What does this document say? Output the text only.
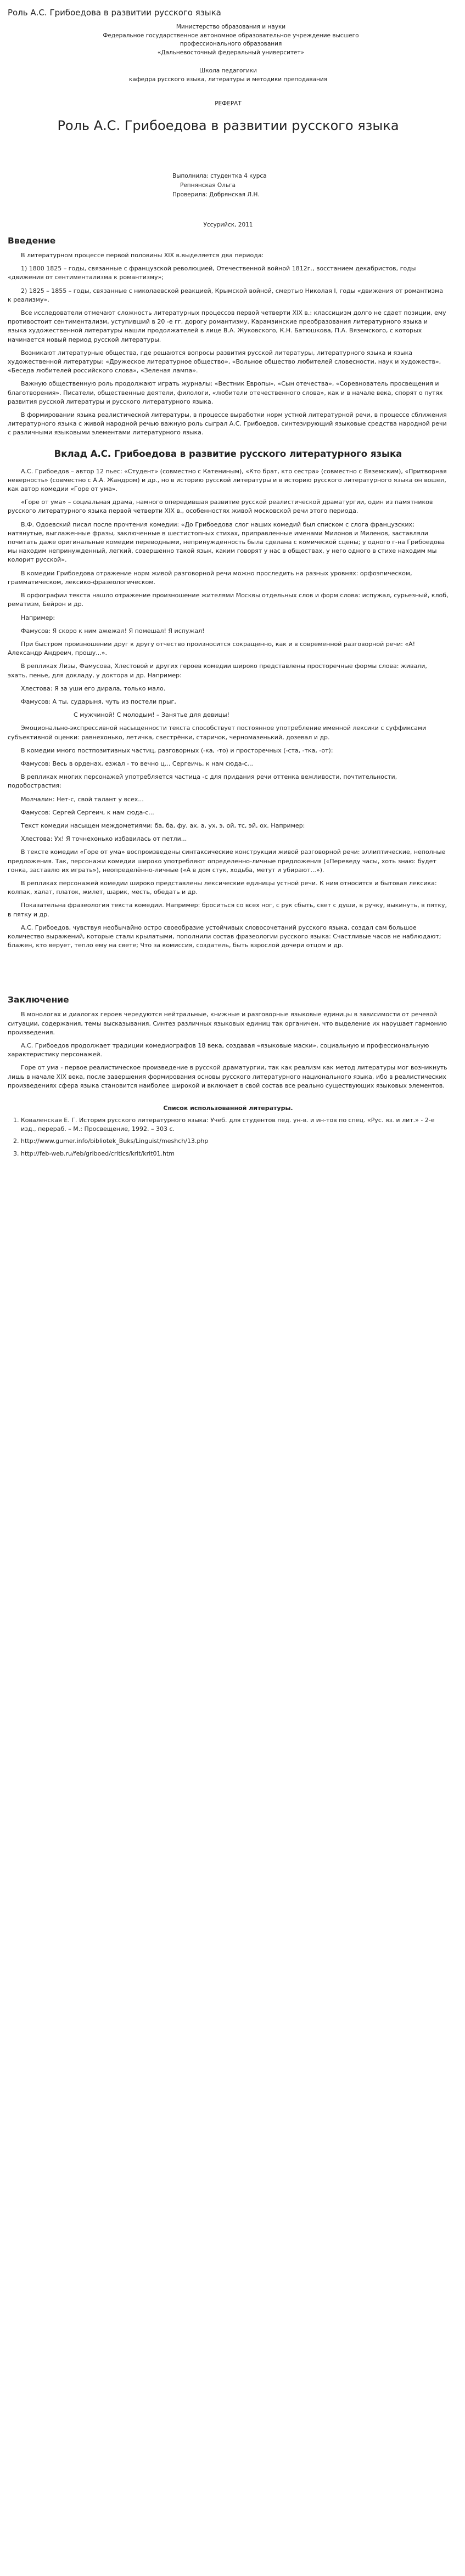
Роль А.С. Грибоедова в развитии русского языка
Министерство образования и науки
Федеральное государственное автономное образовательное учреждение высшего
профессионального образования
«Дальневосточный федеральный университет»
Школа педагогики
кафедра русского языка, литературы и методики преподавания
РЕФЕРАТ
Роль А.С. Грибоедова в развитии русского языка
Выполнила: студентка 4 курса
Репнянская Ольга
Проверила: Добрянская Л.Н.
Уссурийск, 2011
Введение

В литературном процессе первой половины XIX в.выделяется два периода:

1) 1800 1825 – годы, связанные с французской революцией, Отечественной войной 1812г., восстанием декабристов, годы «движения от сентиментализма к романтизму»;

2) 1825 – 1855 – годы, связанные с николаевской реакцией, Крымской войной, смертью Николая I, годы «движения от романтизма к реализму».

Все исследователи отмечают сложность литературных процессов первой четверти XIX в.: классицизм долго не сдает позиции, ему противостоит сентиментализм, уступивший в 20 -е гг. дорогу романтизму. Карамзинские преобразования литературного языка и языка художественной литературы нашли продолжателей в лице В.А. Жуковского, К.Н. Батюшкова, П.А. Вяземского, с которых начинается новый период русской литературы.

Возникают литературные общества, где решаются вопросы развития русской литературы, литературного языка и языка художественной литературы: «Дружеское литературное общество», «Вольное общество любителей словесности, наук и художеств», «Беседа любителей российского слова», «Зеленая лампа».

Важную общественную роль продолжают играть журналы: «Вестник Европы», «Сын отечества», «Соревнователь просвещения и благотворения». Писатели, общественные деятели, филологи, «любители отечественного слова», как и в начале века, спорят о путях развития русской литературы и русского литературного языка.

В формировании языка реалистической литературы, в процессе выработки норм устной литературной речи, в процессе сближения литературного языка с живой народной речью важную роль сыграл А.С. Грибоедов, синтезирующий языковые средства народной речи с различными языковыми элементами литературного языка.

Вклад А.С. Грибоедова в развитие русского литературного языка

А.С. Грибоедов – автор 12 пьес: «Студент» (совместно с Катениным), «Кто брат, кто сестра» (совместно с Вяземским), «Притворная неверность» (совместно с А.А. Жандром) и др., но в историю русской литературы и в историю русского литературного языка он вошел, как автор комедии «Горе от ума».

«Горе от ума» – социальная драма, намного опередившая развитие русской реалистической драматургии, один из памятников русского литературного языка первой четверти XIX в., особенностях живой московской речи этого периода.

В.Ф. Одоевский писал после прочтения комедии: «До Грибоедова слог наших комедий был списком с слога французских; натянутые, выглаженные фразы, заключенные в шестистопных стихах, приправленные именами Милонов и Миленов, заставляли почитать даже оригинальные комедии переводными, непринужденность была сделана с комической сцены; у одного г-на Грибоедова мы находим непринужденный, легкий, совершенно такой язык, каким говорят у нас в обществах, у него одного в стихе находим мы колорит русской».

В комедии Грибоедова отражение норм живой разговорной речи можно проследить на разных уровнях: орфоэпическом, грамматическом, лексико-фразеологическом.

В орфографии текста нашло отражение произношение жителями Москвы отдельных слов и форм слова: испужал, сурьезный, клоб, рематизм, Бейрон и др.

Например:

Фамусов: Я скоро к ним ажежал! Я помешал! Я испужал!

При быстром произношении друг к другу отчество произносится сокращенно, как и в современной разговорной речи: «А! Александр Андреич, прошу...».

В репликах Лизы, Фамусова, Хлестовой и других героев комедии широко представлены просторечные формы слова: живали, эхать, пенье, для докладу, у доктора и др. Например:

Хлестова: Я за уши его дирала, только мало.

Фамусов: А ты, сударыня, чуть из постели прыг,

С мужчиной! С молодым! – Занятье для девицы!

Эмоционально-экспрессивной насыщенности текста способствует постоянное употребление именной лексики с суффиксами субъективной оценки: равнехонько, летичка, свестрёнки, старичок, черномазенький, дозевал и др.

В комедии много постпозитивных частиц, разговорных (-ка, -то) и просторечных (-ста, -тка, -от):

Фамусов: Весь в орденах, езжал - то вечно ц... Сергеичь, к нам сюда-с...

В репликах многих персонажей употребляется частица -с для придания речи оттенка вежливости, почтительности, подобострастия:

Молчалин: Нет-с, свой талант у всех...

Фамусов: Сергей Сергеич, к нам сюда-с...

Текст комедии насыщен междометиями: ба, ба, фу, ах, а, ух, э, ой, тс, эй, ох. Например:

Хлестова: Ух! Я точнехонько избавилась от петли...

В тексте комедии «Горе от ума» воспроизведены синтаксические конструкции живой разговорной речи: эллиптические, неполные предложения. Так, персонажи комедии широко употребляют определенно-личные предложения («Переведу часы, хоть знаю: будет гонка, заставлю их играть»), неопределённо-личные («А в дом стук, ходьба, метут и убирают...»).

В репликах персонажей комедии широко представлены лексические единицы устной речи. К ним относится и бытовая лексика: колпак, халат, платок, жилет, шарик, месть, обедать и др.

Показательна фразеология текста комедии. Например: броситься со всех ног, с рук сбыть, свет с души, в ручку, выкинуть, в пятку, в пятку и др.

А.С. Грибоедов, чувствуя необычайно остро своеобразие устойчивых словосочетаний русского языка, создал сам большое количество выражений, которые стали крылатыми, пополнили состав фразеологии русского языка: Счастливые часов не наблюдают; блажен, кто верует, тепло ему на свете; Что за комиссия, создатель, быть взрослой дочери отцом и др.

Заключение

В монологах и диалогах героев чередуются нейтральные, книжные и разговорные языковые единицы в зависимости от речевой ситуации, содержания, темы высказывания. Синтез различных языковых единиц так органичен, что выделение их нарушает гармонию произведения.

А.С. Грибоедов продолжает традиции комедиографов 18 века, создавая «языковые маски», социальную и профессиональную характеристику персонажей.

Горе от ума - первое реалистическое произведение в русской драматургии, так как реализм как метод литературы мог возникнуть лишь в начале XIX века, после завершения формирования основы русского литературного национального языка, ибо в реалистических произведениях сфера языка становится наиболее широкой и включает в свой состав все реально существующих языковых элементов.

Список использованной литературы.
1. Коваленская Е. Г. История русского литературного языка: Учеб. для студентов пед. ун-в. и ин-тов по спец. «Рус. яз. и лит.» - 2-е изд., перераб. – М.: Просвещение, 1992. – 303 с.
2. http://www.gumer.info/bibliotek_Buks/Linguist/meshch/13.php
3. http://feb-web.ru/feb/griboed/critics/krit/krit01.htm
